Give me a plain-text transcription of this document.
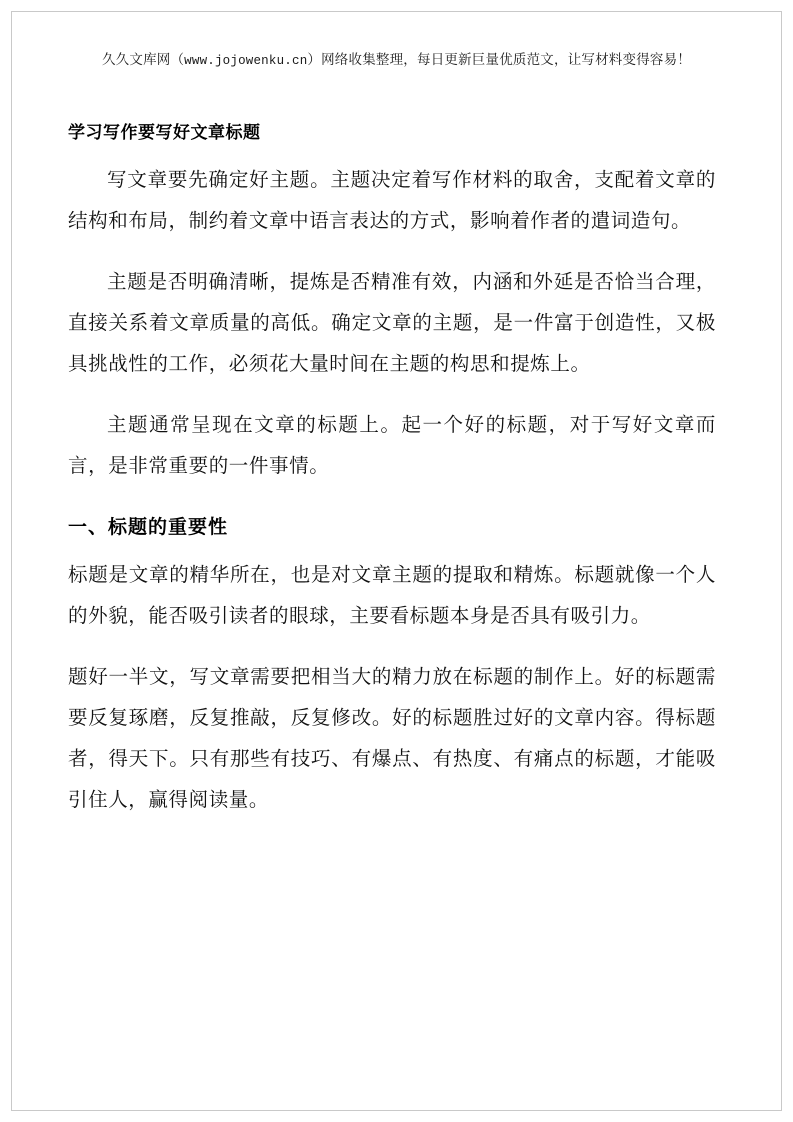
久久文库网（www.jojowenku.cn）网络收集整理，每日更新巨量优质范文，让写材料变得容易！
学习写作要写好文章标题

写文章要先确定好主题。主题决定着写作材料的取舍，支配着文章的结构和布局，制约着文章中语言表达的方式，影响着作者的遣词造句。

主题是否明确清晰，提炼是否精准有效，内涵和外延是否恰当合理，直接关系着文章质量的高低。确定文章的主题，是一件富于创造性，又极具挑战性的工作，必须花大量时间在主题的构思和提炼上。

主题通常呈现在文章的标题上。起一个好的标题，对于写好文章而言，是非常重要的一件事情。

一、标题的重要性

标题是文章的精华所在，也是对文章主题的提取和精炼。标题就像一个人的外貌，能否吸引读者的眼球，主要看标题本身是否具有吸引力。

题好一半文，写文章需要把相当大的精力放在标题的制作上。好的标题需要反复琢磨，反复推敲，反复修改。好的标题胜过好的文章内容。得标题者，得天下。只有那些有技巧、有爆点、有热度、有痛点的标题，才能吸引住人，赢得阅读量。
